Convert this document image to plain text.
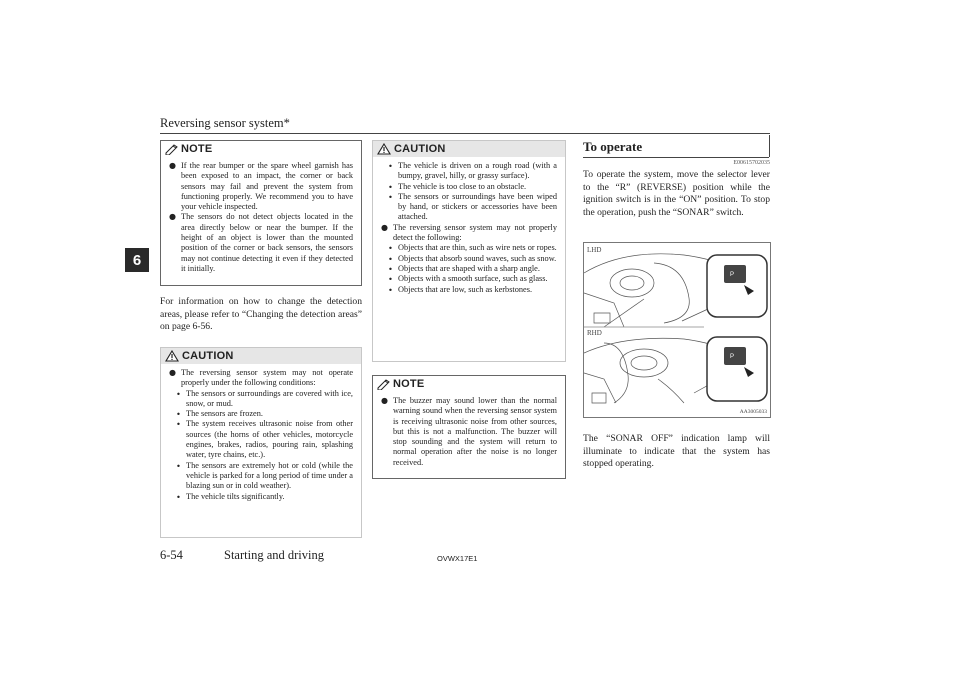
Reversing sensor system*
6
NOTE
● If the rear bumper or the spare wheel garnish has been exposed to an impact, the corner or back sensors may fail and prevent the system from functioning properly. We recommend you to have your vehicle inspected.
● The sensors do not detect objects located in the area directly below or near the bumper. If the height of an object is lower than the mounted position of the corner or back sensors, the sensors may not continue detecting it even if they detected it initially.
For information on how to change the detection areas, please refer to “Changing the detection areas” on page 6-56.
CAUTION
● The reversing sensor system may not operate properly under the following conditions:
• The sensors or surroundings are covered with ice, snow, or mud.
• The sensors are frozen.
• The system receives ultrasonic noise from other sources (the horns of other vehicles, motorcycle engines, brakes, radios, pouring rain, splashing water, tyre chains, etc.).
• The sensors are extremely hot or cold (while the vehicle is parked for a long period of time under a blazing sun or in cold weather).
• The vehicle tilts significantly.
CAUTION
• The vehicle is driven on a rough road (with a bumpy, gravel, hilly, or grassy surface).
• The vehicle is too close to an obstacle.
• The sensors or surroundings have been wiped by hand, or stickers or accessories have been attached.
● The reversing sensor system may not properly detect the following:
• Objects that are thin, such as wire nets or ropes.
• Objects that absorb sound waves, such as snow.
• Objects that are shaped with a sharp angle.
• Objects with a smooth surface, such as glass.
• Objects that are low, such as kerbstones.
NOTE
● The buzzer may sound lower than the normal warning sound when the reversing sensor system is receiving ultrasonic noise from other sources, but this is not a malfunction. The buzzer will stop sounding and the system will return to normal operation after the noise is no longer received.
To operate
E00615702035
To operate the system, move the selector lever to the “R” (REVERSE) position while the ignition switch is in the “ON” position. To stop the operation, push the “SONAR” switch.
P
P
LHD
RHD
AA3005033
The “SONAR OFF” indication lamp will illuminate to indicate that the system has stopped operating.
6-54	Starting and driving	OVWX17E1
